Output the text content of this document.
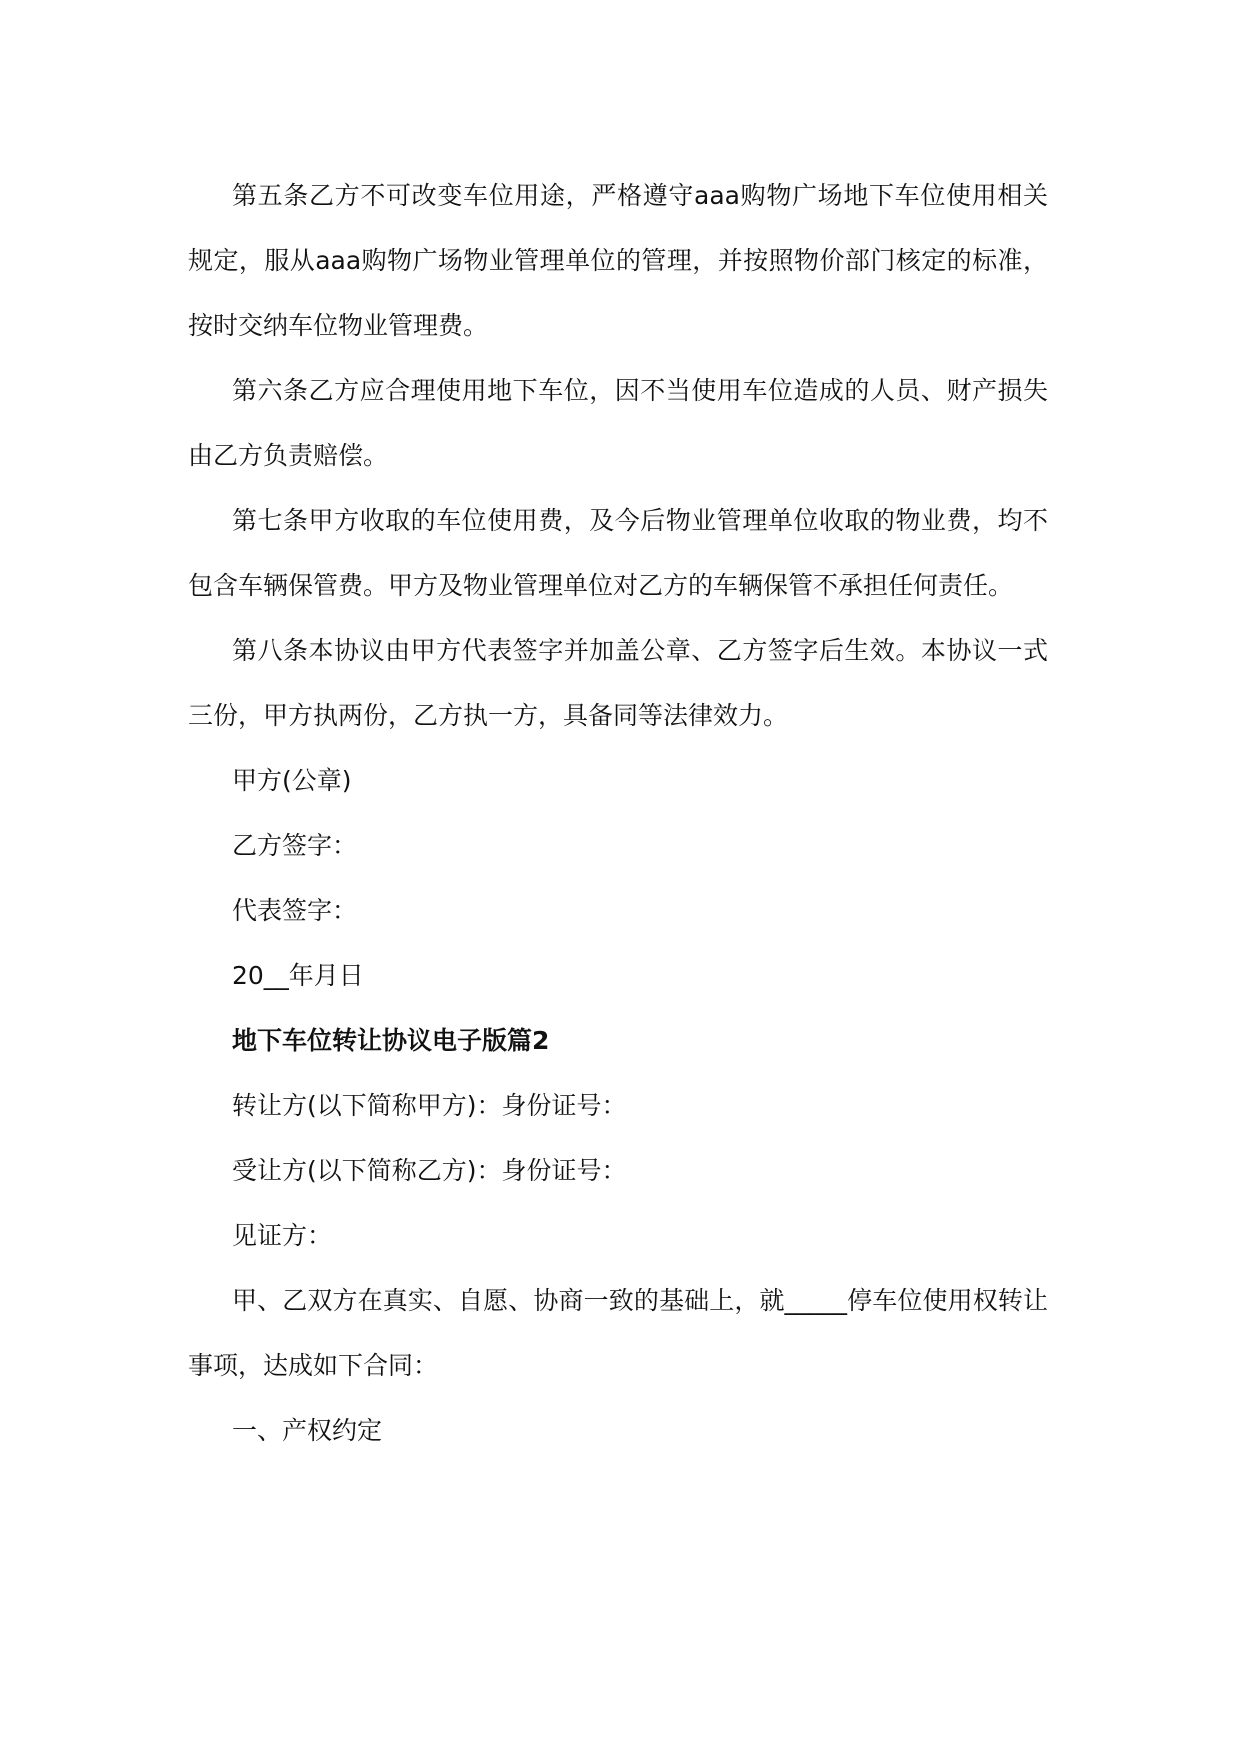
第五条乙方不可改变车位用途，严格遵守aaa购物广场地下车位使用相关规定，服从aaa购物广场物业管理单位的管理，并按照物价部门核定的标准，按时交纳车位物业管理费。

第六条乙方应合理使用地下车位，因不当使用车位造成的人员、财产损失由乙方负责赔偿。

第七条甲方收取的车位使用费，及今后物业管理单位收取的物业费，均不包含车辆保管费。甲方及物业管理单位对乙方的车辆保管不承担任何责任。

第八条本协议由甲方代表签字并加盖公章、乙方签字后生效。本协议一式三份，甲方执两份，乙方执一方，具备同等法律效力。

甲方(公章)

乙方签字：

代表签字：

20__年月日

地下车位转让协议电子版篇2

转让方(以下简称甲方)：身份证号：

受让方(以下简称乙方)：身份证号：

见证方：

甲、乙双方在真实、自愿、协商一致的基础上，就_____停车位使用权转让事项，达成如下合同：

一、产权约定
